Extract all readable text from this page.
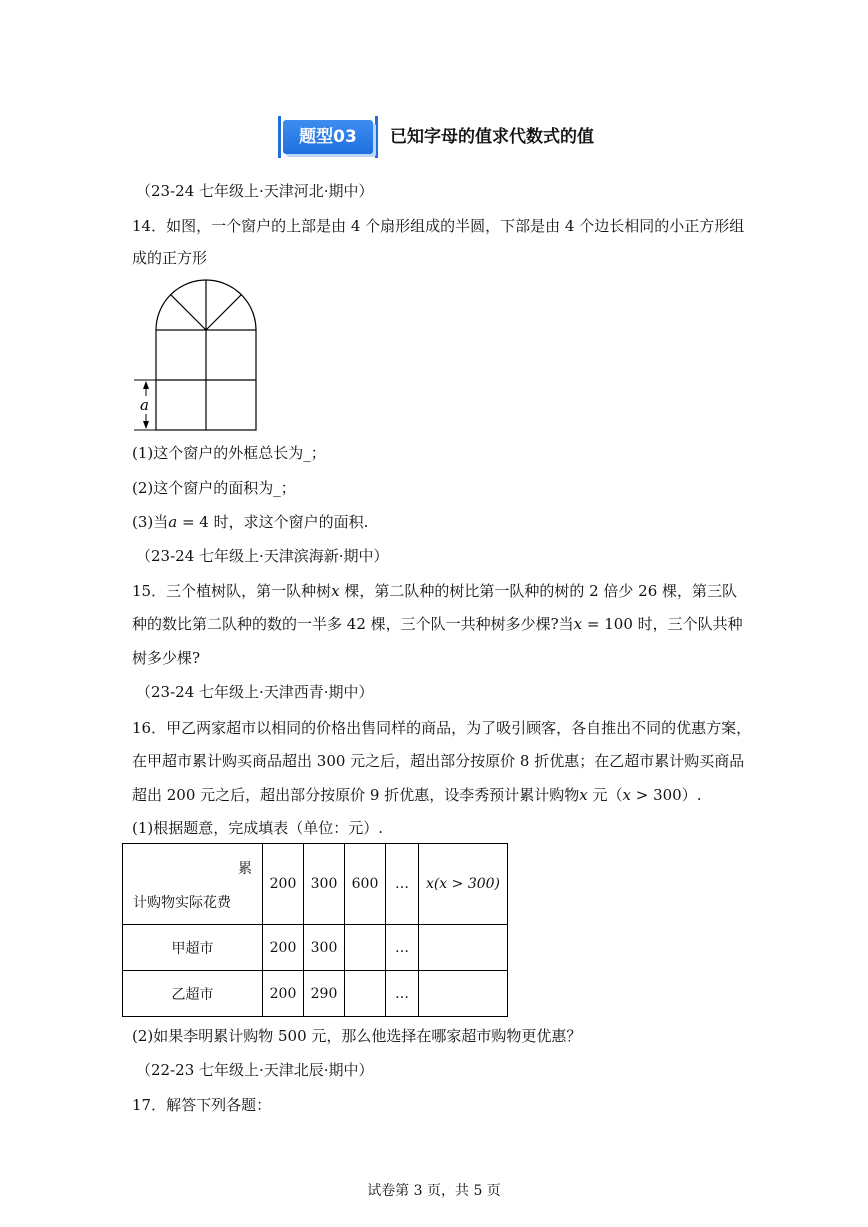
题型03	已知字母的值求代数式的值
（23-24 七年级上·天津河北·期中）
14．如图，一个窗户的上部是由 4 个扇形组成的半圆，下部是由 4 个边长相同的小正方形组
成的正方形
a
(1)这个窗户的外框总长为_；
(2)这个窗户的面积为_；
(3)当a = 4 时，求这个窗户的面积.
（23-24 七年级上·天津滨海新·期中）
15．三个植树队，第一队种树x 棵，第二队种的树比第一队种的树的 2 倍少 26 棵，第三队
种的数比第二队种的数的一半多 42 棵，三个队一共种树多少棵?当x = 100 时，三个队共种
树多少棵?
（23-24 七年级上·天津西青·期中）
16．甲乙两家超市以相同的价格出售同样的商品，为了吸引顾客，各自推出不同的优惠方案，
在甲超市累计购买商品超出 300 元之后，超出部分按原价 8 折优惠；在乙超市累计购买商品
超出 200 元之后，超出部分按原价 9 折优惠，设李秀预计累计购物x 元（x > 300）.
(1)根据题意，完成填表（单位：元）.
累
计购物实际花费	200	300	600	…	x(x > 300)
甲超市	200	300		…	
乙超市	200	290		…	
(2)如果李明累计购物 500 元，那么他选择在哪家超市购物更优惠？
（22-23 七年级上·天津北辰·期中）
17．解答下列各题：
试卷第 3 页，共 5 页
